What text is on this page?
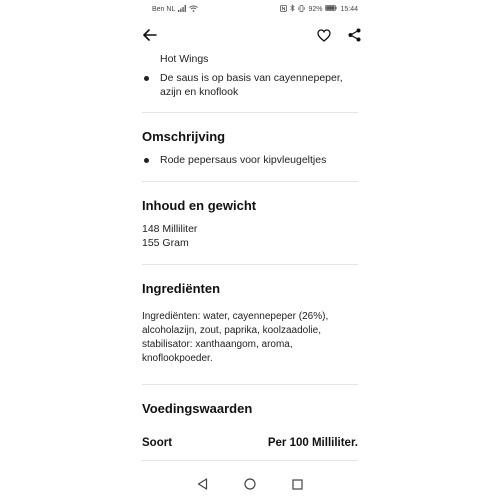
Ben NL	92%	15:44
Hot Wings
De saus is op basis van cayennepeper,
azijn en knoflook
Omschrijving
Rode pepersaus voor kipvleugeltjes
Inhoud en gewicht
148 Milliliter
155 Gram
Ingrediënten
Ingrediënten: water, cayennepeper (26%),
alcoholazijn, zout, paprika, koolzaadolie,
stabilisator: xanthaangom, aroma,
knoflookpoeder.
Voedingswaarden
Soort	Per 100 Milliliter.
